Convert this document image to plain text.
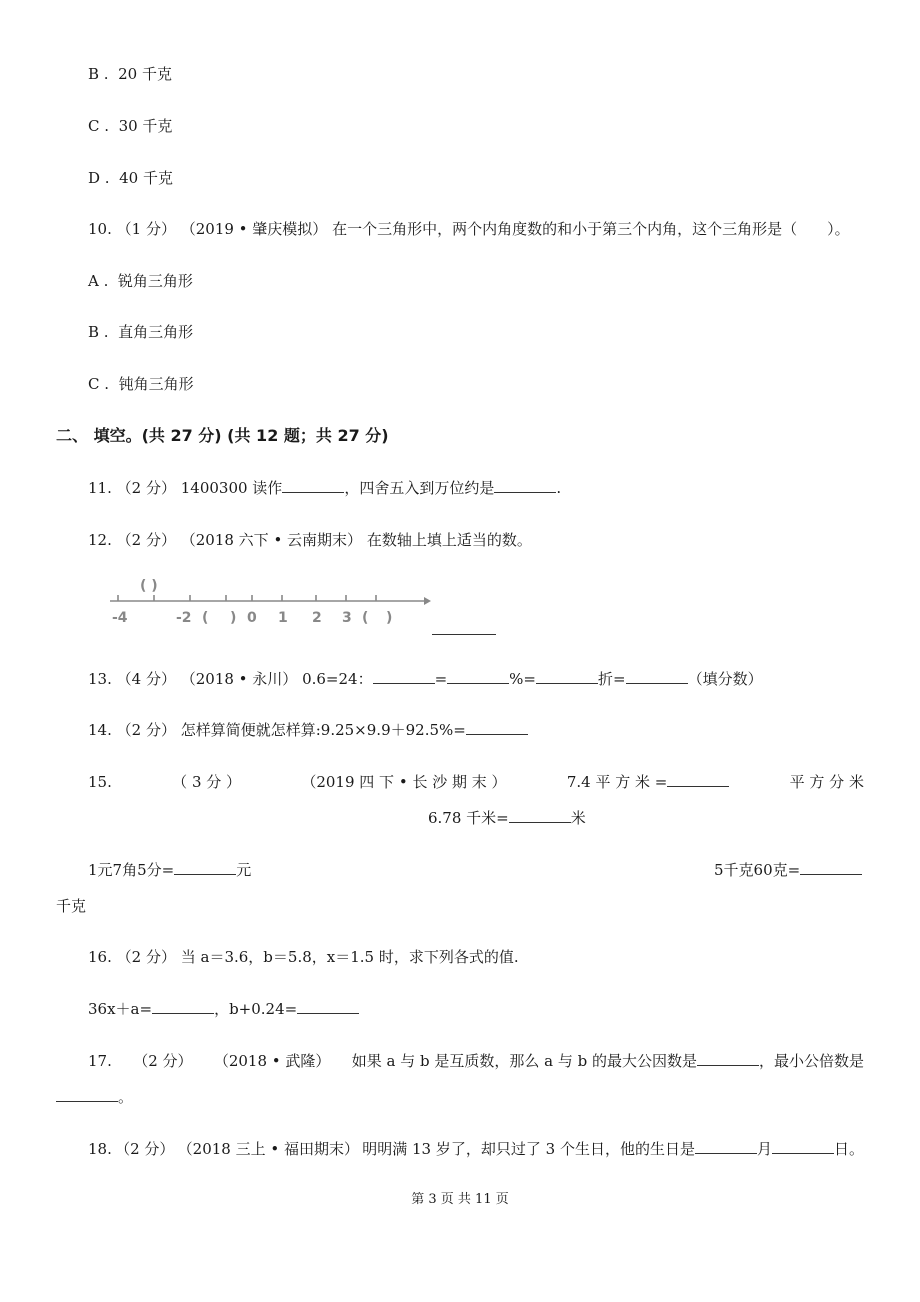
B . 20 千克
C . 30 千克
D . 40 千克
10. （1 分） （2019 • 肇庆模拟） 在一个三角形中，两个内角度数的和小于第三个内角，这个三角形是（　　）。
A . 锐角三角形
B . 直角三角形
C . 钝角三角形
二、 填空。(共 27 分) (共 12 题；共 27 分)
11. （2 分） 1400300 读作	，四舍五入到万位约是	.
12. （2 分） （2018 六下 • 云南期末） 在数轴上填上适当的数。
( )
-4	-2 ( ) 0 1 2 3 ( )
13. （4 分） （2018 • 永川） 0.6=24：	=	%=	折=	（填分数）
14. （2 分） 怎样算简便就怎样算:9.25×9.9＋92.5%=
15.	（ 3 分 ）	（2019 四 下 • 长 沙 期 末 ）	7.4 平 方 米 =	平 方 分 米
6.78 千米=	米
1元7角5分=	元	5千克60克=
千克
16. （2 分） 当 a＝3.6，b＝5.8，x＝1.5 时，求下列各式的值.
36x＋a=	，b+0.24=
17. （2 分） （2018 • 武隆） 如果 a 与 b 是互质数，那么 a 与 b 的最大公因数是	，最小公倍数是
。
18. （2 分） （2018 三上 • 福田期末） 明明满 13 岁了，却只过了 3 个生日，他的生日是	月	日。
第 3 页 共 11 页
